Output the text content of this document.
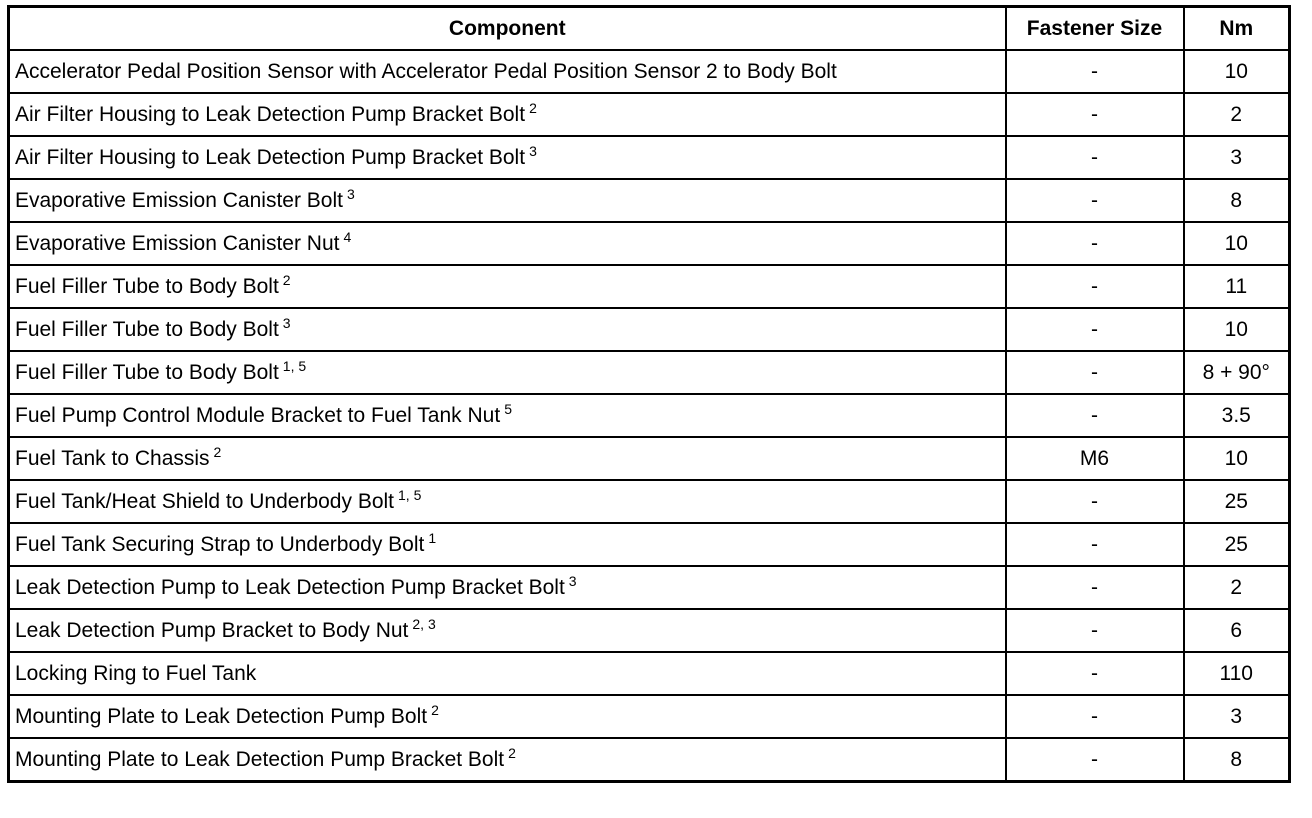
Component	Fastener Size	Nm
Accelerator Pedal Position Sensor with Accelerator Pedal Position Sensor 2 to Body Bolt	-	10
Air Filter Housing to Leak Detection Pump Bracket Bolt $^2$	-	2
Air Filter Housing to Leak Detection Pump Bracket Bolt $^3$	-	3
Evaporative Emission Canister Bolt $^3$	-	8
Evaporative Emission Canister Nut $^4$	-	10
Fuel Filler Tube to Body Bolt $^2$	-	11
Fuel Filler Tube to Body Bolt $^3$	-	10
Fuel Filler Tube to Body Bolt $^{1, 5}$	-	8 + 90°
Fuel Pump Control Module Bracket to Fuel Tank Nut $^5$	-	3.5
Fuel Tank to Chassis $^2$	M6	10
Fuel Tank/Heat Shield to Underbody Bolt $^{1, 5}$	-	25
Fuel Tank Securing Strap to Underbody Bolt $^1$	-	25
Leak Detection Pump to Leak Detection Pump Bracket Bolt $^3$	-	2
Leak Detection Pump Bracket to Body Nut $^{2, 3}$	-	6
Locking Ring to Fuel Tank	-	110
Mounting Plate to Leak Detection Pump Bolt $^2$	-	3
Mounting Plate to Leak Detection Pump Bracket Bolt $^2$	-	8
